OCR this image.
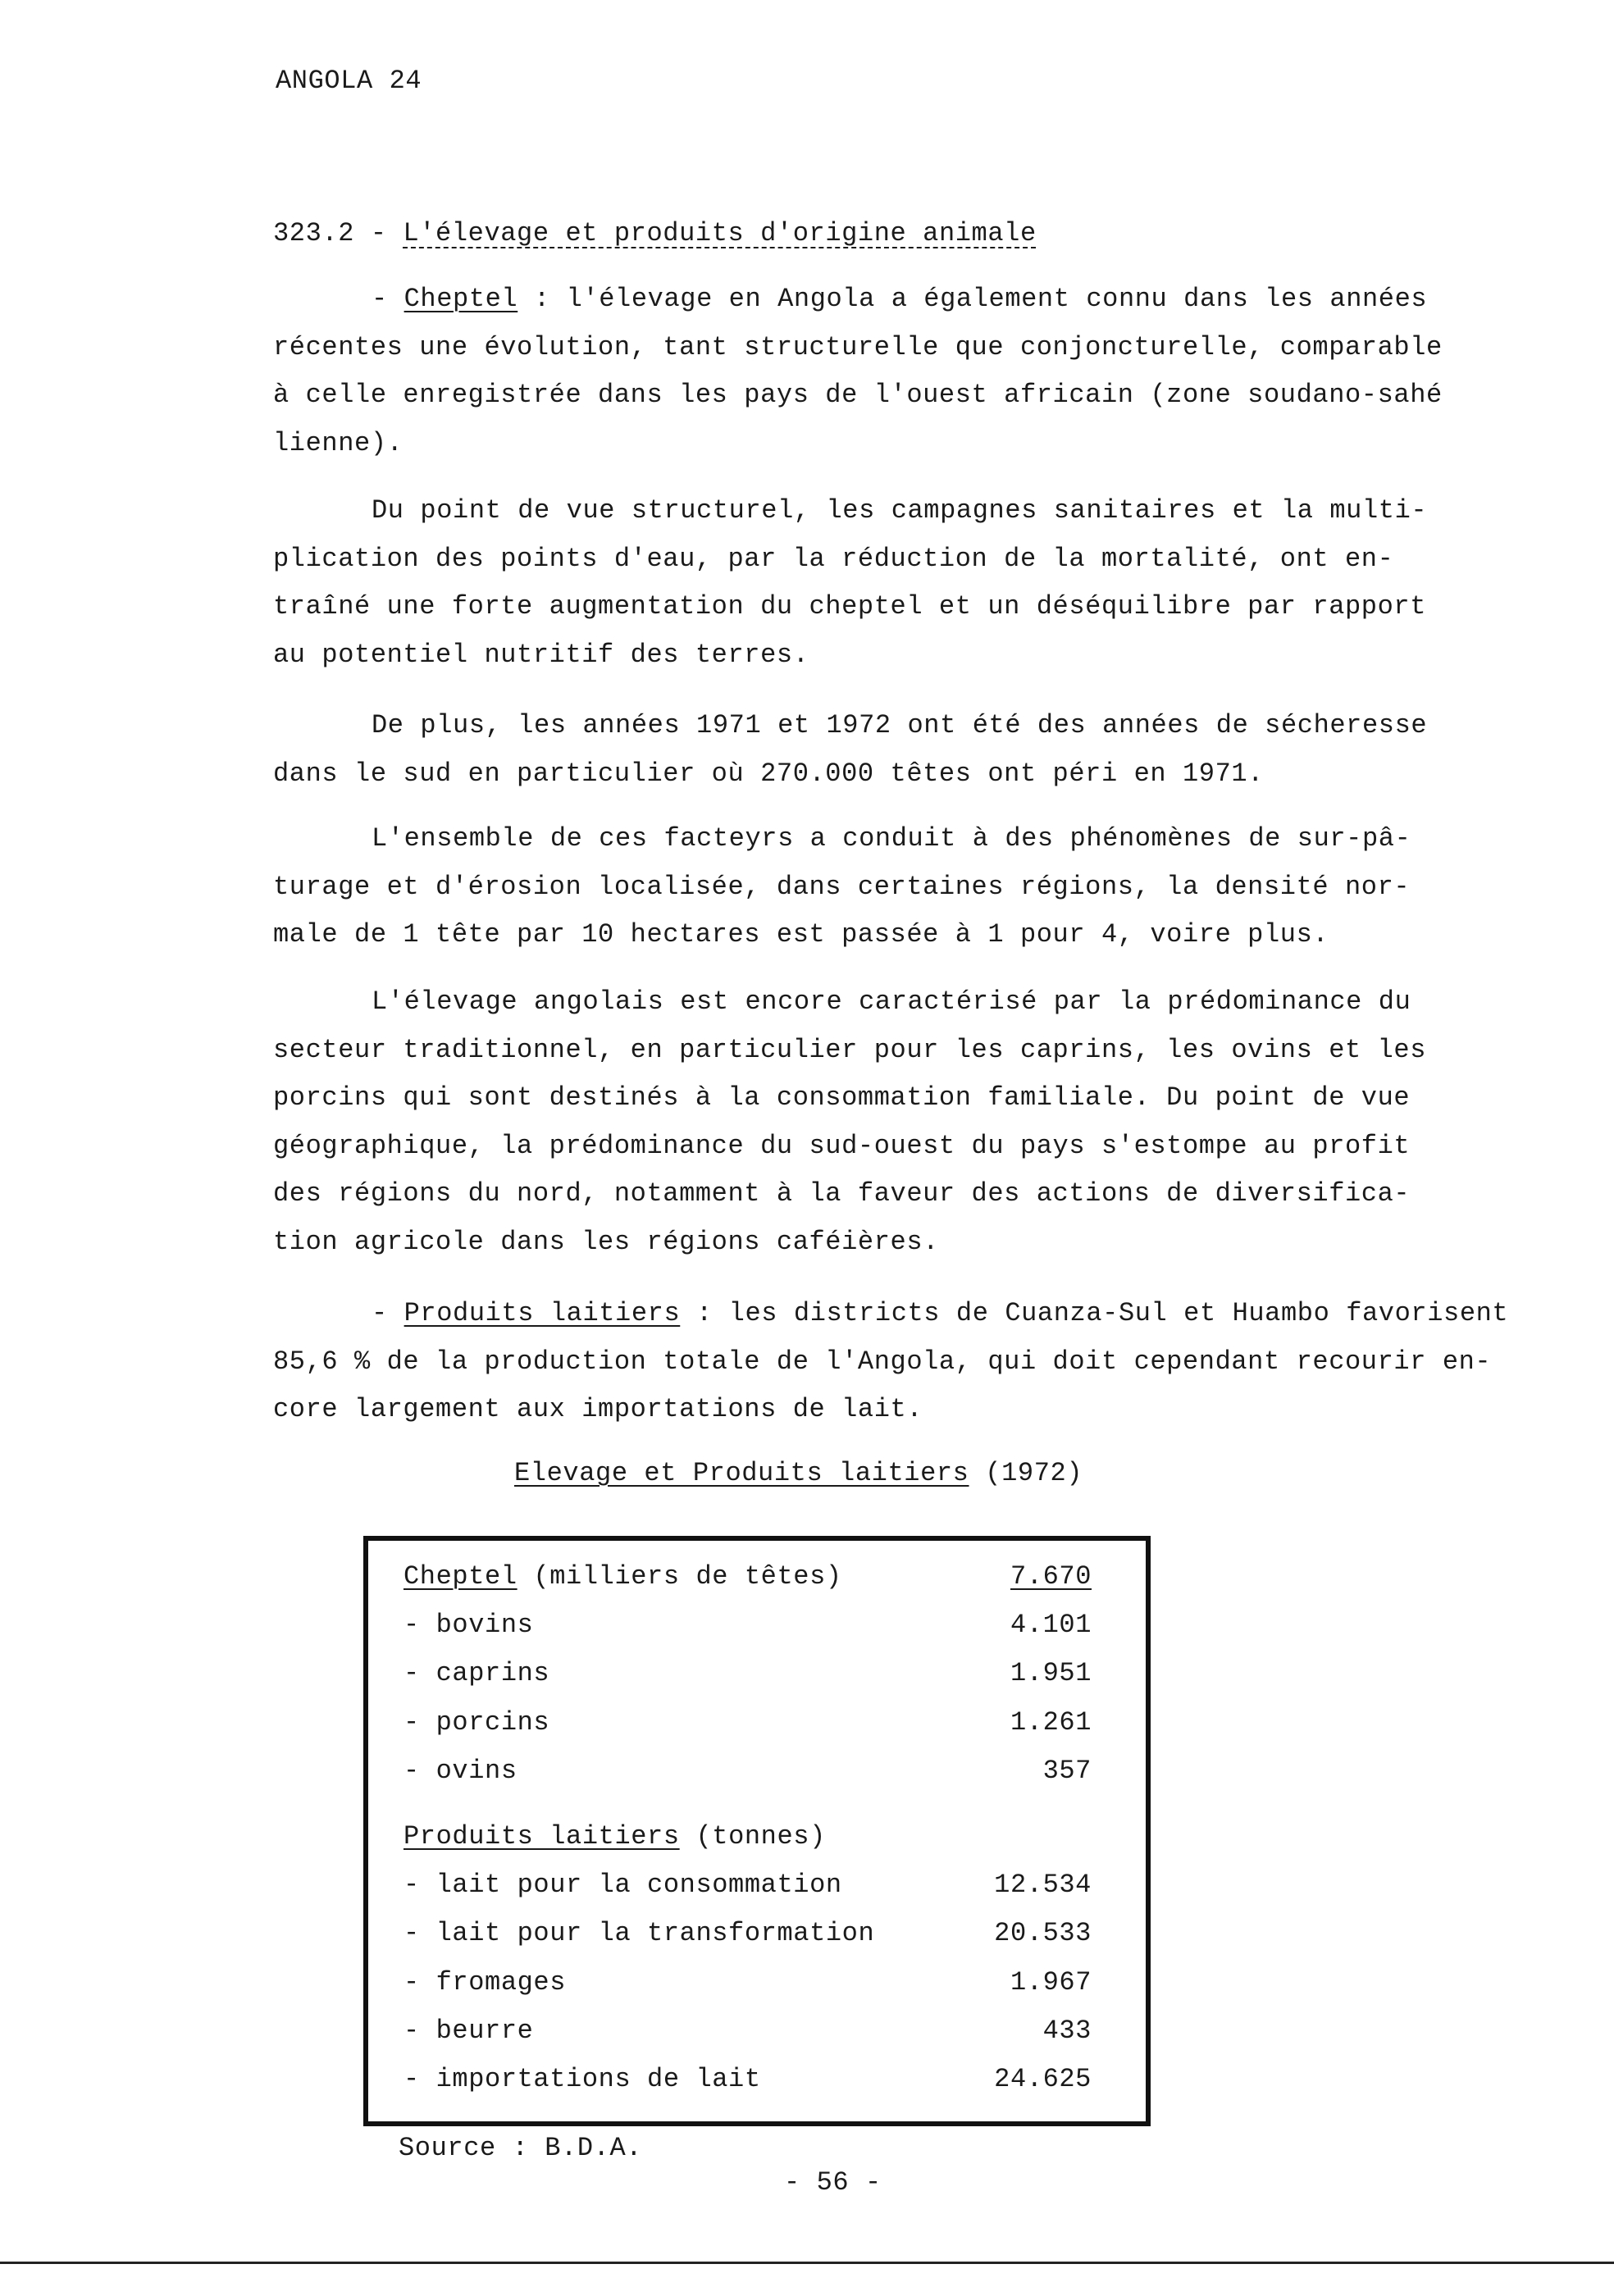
ANGOLA 24
323.2 - L'élevage et produits d'origine animale
- Cheptel : l'élevage en Angola a également connu dans les années
récentes une évolution, tant structurelle que conjoncturelle, comparable
à celle enregistrée dans les pays de l'ouest africain (zone soudano-sahé
lienne).
Du point de vue structurel, les campagnes sanitaires et la multi-
plication des points d'eau, par la réduction de la mortalité, ont en-
traîné une forte augmentation du cheptel et un déséquilibre par rapport
au potentiel nutritif des terres.
De plus, les années 1971 et 1972 ont été des années de sécheresse
dans le sud en particulier où 270.000 têtes ont péri en 1971.
L'ensemble de ces facteyrs a conduit à des phénomènes de sur-pâ-
turage et d'érosion localisée, dans certaines régions, la densité nor-
male de 1 tête par 10 hectares est passée à 1 pour 4, voire plus.
L'élevage angolais est encore caractérisé par la prédominance du
secteur traditionnel, en particulier pour les caprins, les ovins et les
porcins qui sont destinés à la consommation familiale. Du point de vue
géographique, la prédominance du sud-ouest du pays s'estompe au profit
des régions du nord, notamment à la faveur des actions de diversifica-
tion agricole dans les régions caféières.
- Produits laitiers : les districts de Cuanza-Sul et Huambo favorisent
85,6 % de la production totale de l'Angola, qui doit cependant recourir en-
core largement aux importations de lait.
Elevage et Produits laitiers (1972)
Cheptel (milliers de têtes)	7.670
- bovins	4.101
- caprins	1.951
- porcins	1.261
- ovins	357
Produits laitiers (tonnes)
- lait pour la consommation	12.534
- lait pour la transformation	20.533
- fromages	1.967
- beurre	433
- importations de lait	24.625
Source : B.D.A.
- 56 -
